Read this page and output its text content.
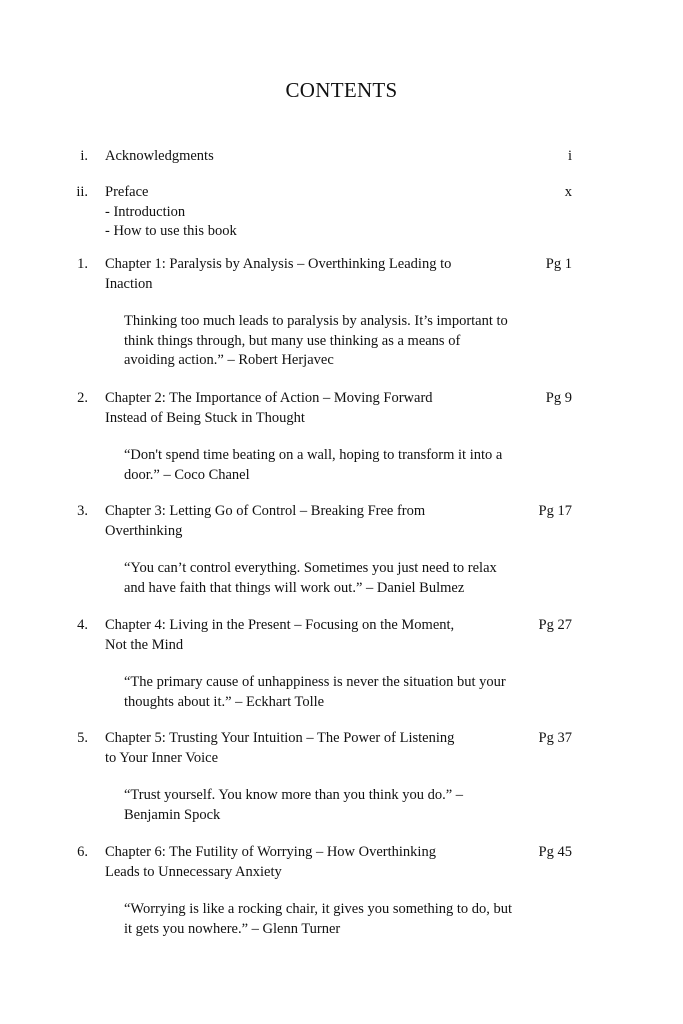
CONTENTS
i. Acknowledgments	i
ii. Preface
- Introduction
- How to use this book
x
1. Chapter 1: Paralysis by Analysis – Overthinking Leading to
Inaction
Pg 1
Thinking too much leads to paralysis by analysis. It’s important to
think things through, but many use thinking as a means of
avoiding action.” – Robert Herjavec
2. Chapter 2: The Importance of Action – Moving Forward
Instead of Being Stuck in Thought
Pg 9
“Don't spend time beating on a wall, hoping to transform it into a
door.” – Coco Chanel
3. Chapter 3: Letting Go of Control – Breaking Free from
Overthinking
Pg 17
“You can’t control everything. Sometimes you just need to relax
and have faith that things will work out.” – Daniel Bulmez
4. Chapter 4: Living in the Present – Focusing on the Moment,
Not the Mind
Pg 27
“The primary cause of unhappiness is never the situation but your
thoughts about it.” – Eckhart Tolle
5. Chapter 5: Trusting Your Intuition – The Power of Listening
to Your Inner Voice
Pg 37
“Trust yourself. You know more than you think you do.” –
Benjamin Spock
6. Chapter 6: The Futility of Worrying – How Overthinking
Leads to Unnecessary Anxiety
Pg 45
“Worrying is like a rocking chair, it gives you something to do, but
it gets you nowhere.” – Glenn Turner
